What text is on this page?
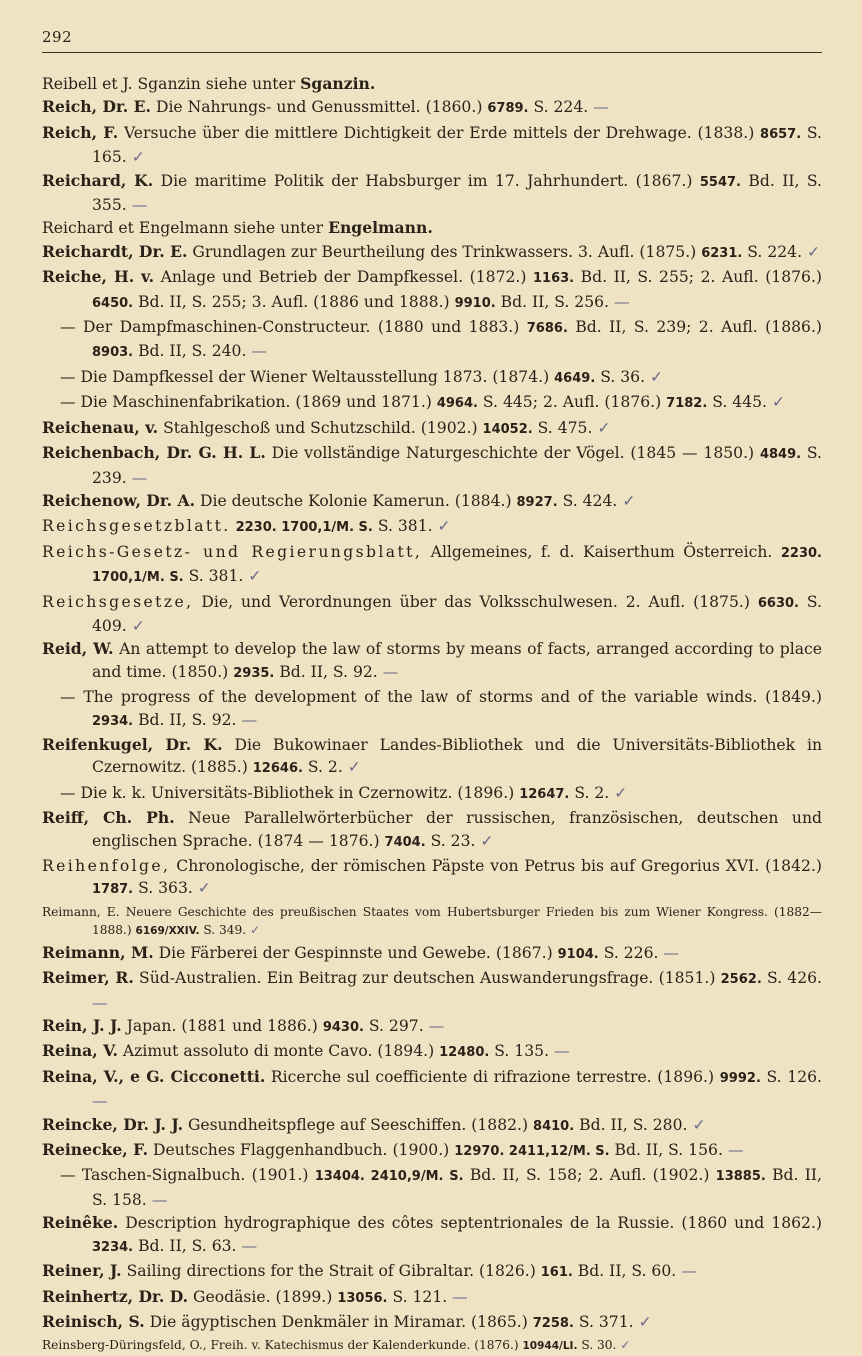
292

Reibell et J. Sganzin siehe unter Sganzin.

Reich, Dr. E. Die Nahrungs- und Genussmittel. (1860.) 6789. S. 224. —

Reich, F. Versuche über die mittlere Dichtigkeit der Erde mittels der Drehwage. (1838.) 8657. S. 165. ✓

Reichard, K. Die maritime Politik der Habsburger im 17. Jahrhundert. (1867.) 5547. Bd. II, S. 355. —

Reichard et Engelmann siehe unter Engelmann.

Reichardt, Dr. E. Grundlagen zur Beurtheilung des Trinkwassers. 3. Aufl. (1875.) 6231. S. 224. ✓

Reiche, H. v. Anlage und Betrieb der Dampfkessel. (1872.) 1163. Bd. II, S. 255; 2. Aufl. (1876.) 6450. Bd. II, S. 255; 3. Aufl. (1886 und 1888.) 9910. Bd. II, S. 256. —

— Der Dampfmaschinen-Constructeur. (1880 und 1883.) 7686. Bd. II, S. 239; 2. Aufl. (1886.) 8903. Bd. II, S. 240. —

— Die Dampfkessel der Wiener Weltausstellung 1873. (1874.) 4649. S. 36. ✓

— Die Maschinenfabrikation. (1869 und 1871.) 4964. S. 445; 2. Aufl. (1876.) 7182. S. 445. ✓

Reichenau, v. Stahlgeschoß und Schutzschild. (1902.) 14052. S. 475. ✓

Reichenbach, Dr. G. H. L. Die vollständige Naturgeschichte der Vögel. (1845 — 1850.) 4849. S. 239. —

Reichenow, Dr. A. Die deutsche Kolonie Kamerun. (1884.) 8927. S. 424. ✓

Reichsgesetzblatt. 2230. 1700,1/M. S. S. 381. ✓

Reichs-Gesetz- und Regierungsblatt, Allgemeines, f. d. Kaiserthum Österreich. 2230. 1700,1/M. S. S. 381. ✓

Reichsgesetze, Die, und Verordnungen über das Volksschulwesen. 2. Aufl. (1875.) 6630. S. 409. ✓

Reid, W. An attempt to develop the law of storms by means of facts, arranged according to place and time. (1850.) 2935. Bd. II, S. 92. —

— The progress of the development of the law of storms and of the variable winds. (1849.) 2934. Bd. II, S. 92. —

Reifenkugel, Dr. K. Die Bukowinaer Landes-Bibliothek und die Universitäts-Bibliothek in Czernowitz. (1885.) 12646. S. 2. ✓

— Die k. k. Universitäts-Bibliothek in Czernowitz. (1896.) 12647. S. 2. ✓

Reiff, Ch. Ph. Neue Parallelwörterbücher der russischen, französischen, deutschen und englischen Sprache. (1874 — 1876.) 7404. S. 23. ✓

Reihenfolge, Chronologische, der römischen Päpste von Petrus bis auf Gregorius XVI. (1842.) 1787. S. 363. ✓

Reimann, E. Neuere Geschichte des preußischen Staates vom Hubertsburger Frieden bis zum Wiener Kongress. (1882—1888.) 6169/XXIV. S. 349. ✓

Reimann, M. Die Färberei der Gespinnste und Gewebe. (1867.) 9104. S. 226. —

Reimer, R. Süd-Australien. Ein Beitrag zur deutschen Auswanderungsfrage. (1851.) 2562. S. 426. —

Rein, J. J. Japan. (1881 und 1886.) 9430. S. 297. —

Reina, V. Azimut assoluto di monte Cavo. (1894.) 12480. S. 135. —

Reina, V., e G. Cicconetti. Ricerche sul coefficiente di rifrazione terrestre. (1896.) 9992. S. 126. —

Reincke, Dr. J. J. Gesundheitspflege auf Seeschiffen. (1882.) 8410. Bd. II, S. 280. ✓

Reinecke, F. Deutsches Flaggenhandbuch. (1900.) 12970. 2411,12/M. S. Bd. II, S. 156. —

— Taschen-Signalbuch. (1901.) 13404. 2410,9/M. S. Bd. II, S. 158; 2. Aufl. (1902.) 13885. Bd. II, S. 158. —

Reinêke. Description hydrographique des côtes septentrionales de la Russie. (1860 und 1862.) 3234. Bd. II, S. 63. —

Reiner, J. Sailing directions for the Strait of Gibraltar. (1826.) 161. Bd. II, S. 60. —

Reinhertz, Dr. D. Geodäsie. (1899.) 13056. S. 121. —

Reinisch, S. Die ägyptischen Denkmäler in Miramar. (1865.) 7258. S. 371. ✓

Reinsberg-Düringsfeld, O., Freih. v. Katechismus der Kalenderkunde. (1876.) 10944/LI. S. 30. ✓
